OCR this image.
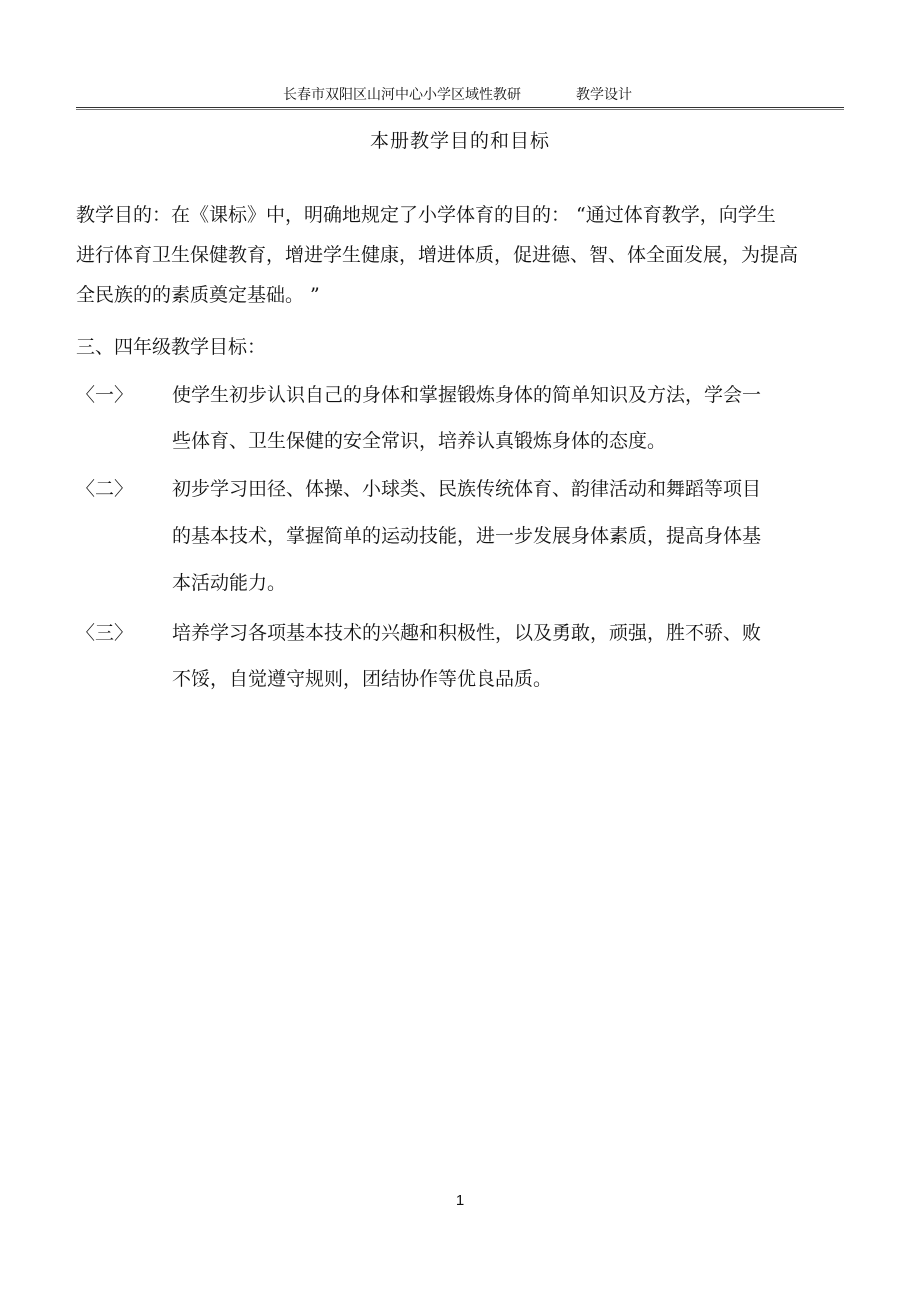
长春市双阳区山河中心小学区域性教研	教学设计
本册教学目的和目标
教学目的：在《课标》中，明确地规定了小学体育的目的： “通过体育教学，向学生
进行体育卫生保健教育，增进学生健康，增进体质，促进德、智、体全面发展，为提高
全民族的的素质奠定基础。 ”
三、四年级教学目标：
〈一〉 使学生初步认识自己的身体和掌握锻炼身体的简单知识及方法，学会一
些体育、卫生保健的安全常识，培养认真锻炼身体的态度。
〈二〉 初步学习田径、体操、小球类、民族传统体育、韵律活动和舞蹈等项目
的基本技术，掌握简单的运动技能，进一步发展身体素质，提高身体基
本活动能力。
〈三〉 培养学习各项基本技术的兴趣和积极性，以及勇敢，顽强，胜不骄、败
不馁，自觉遵守规则，团结协作等优良品质。
1
